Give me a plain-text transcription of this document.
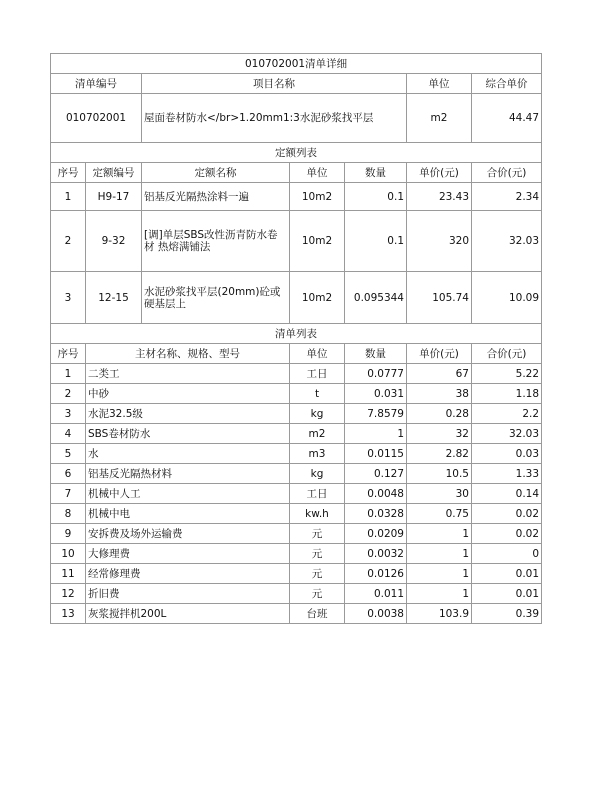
010702001清单详细						
清单编号		项目名称			单位	综合单价
010702001		屋面卷材防水</br>1.20mm1:3水泥砂浆找平层			m2	44.47
定额列表						
序号	定额编号	定额名称	单位	数量	单价(元)	合价(元)
1	H9-17	铝基反光隔热涂料一遍	10m2	0.1	23.43	2.34
2	9-32	[调]单层SBS改性沥青防水卷材 热熔满铺法	10m2	0.1	320	32.03
3	12-15	水泥砂浆找平层(20mm)砼或硬基层上	10m2	0.095344	105.74	10.09
清单列表						
序号	主材名称、规格、型号		单位	数量	单价(元)	合价(元)
1	二类工		工日	0.0777	67	5.22
2	中砂		t	0.031	38	1.18
3	水泥32.5级		kg	7.8579	0.28	2.2
4	SBS卷材防水		m2	1	32	32.03
5	水		m3	0.0115	2.82	0.03
6	铝基反光隔热材料		kg	0.127	10.5	1.33
7	机械中人工		工日	0.0048	30	0.14
8	机械中电		kw.h	0.0328	0.75	0.02
9	安拆费及场外运输费		元	0.0209	1	0.02
10	大修理费		元	0.0032	1	0
11	经常修理费		元	0.0126	1	0.01
12	折旧费		元	0.011	1	0.01
13	灰浆搅拌机200L		台班	0.0038	103.9	0.39
